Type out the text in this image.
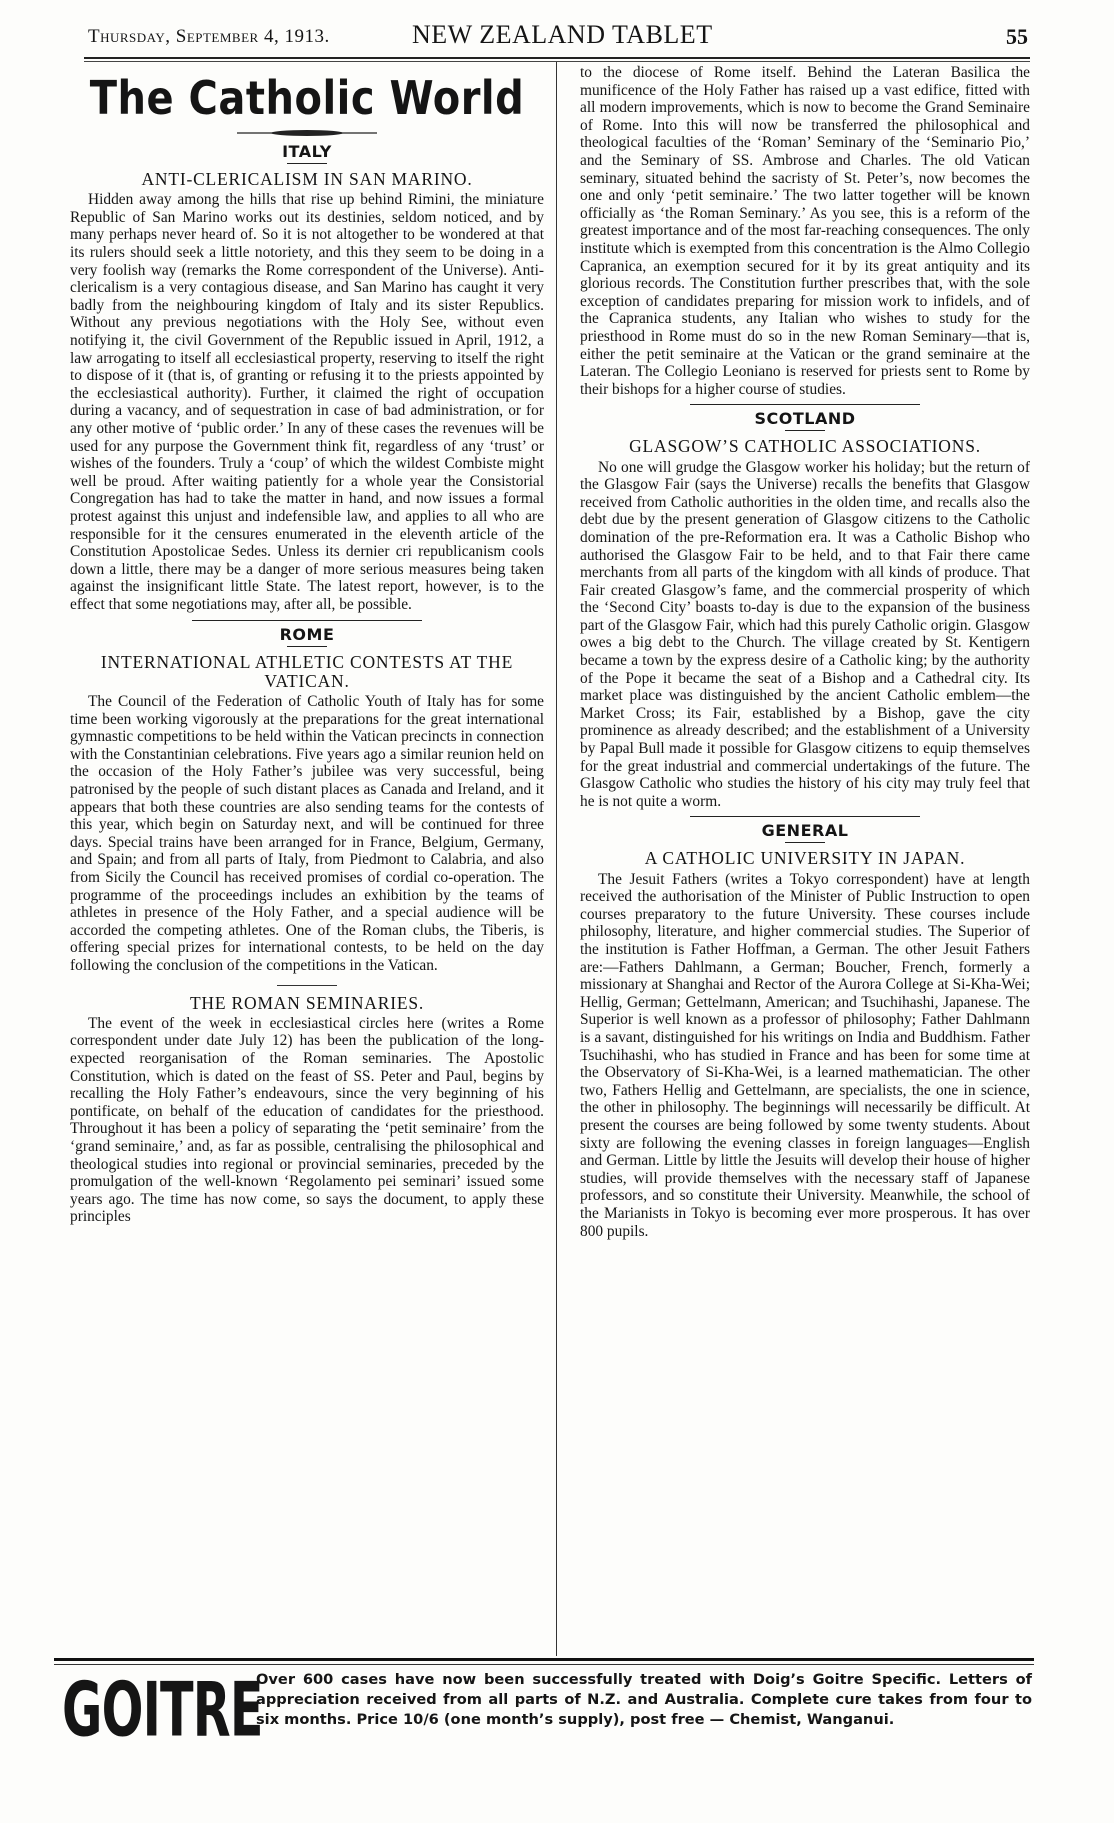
Thursday, September 4, 1913.	NEW ZEALAND TABLET	55
The Catholic World
ITALY
ANTI-CLERICALISM IN SAN MARINO.

Hidden away among the hills that rise up behind Rimini, the miniature Republic of San Marino works out its destinies, seldom noticed, and by many perhaps never heard of. So it is not altogether to be wondered at that its rulers should seek a little notoriety, and this they seem to be doing in a very foolish way (remarks the Rome correspondent of the Universe). Anti-clericalism is a very contagious disease, and San Marino has caught it very badly from the neighbouring kingdom of Italy and its sister Republics. Without any previous negotiations with the Holy See, without even notifying it, the civil Government of the Republic issued in April, 1912, a law arrogating to itself all ecclesiastical property, reserving to itself the right to dispose of it (that is, of granting or refusing it to the priests appointed by the ecclesiastical authority). Further, it claimed the right of occupation during a vacancy, and of sequestration in case of bad administration, or for any other motive of ‘public order.’ In any of these cases the revenues will be used for any purpose the Government think fit, regardless of any ‘trust’ or wishes of the founders. Truly a ‘coup’ of which the wildest Combiste might well be proud. After waiting patiently for a whole year the Consistorial Congregation has had to take the matter in hand, and now issues a formal protest against this unjust and indefensible law, and applies to all who are responsible for it the censures enumerated in the eleventh article of the Constitution Apostolicae Sedes. Unless its dernier cri republicanism cools down a little, there may be a danger of more serious measures being taken against the insignificant little State. The latest report, however, is to the effect that some negotiations may, after all, be possible.

ROME
INTERNATIONAL ATHLETIC CONTESTS AT THE VATICAN.

The Council of the Federation of Catholic Youth of Italy has for some time been working vigorously at the preparations for the great international gymnastic competitions to be held within the Vatican precincts in connection with the Constantinian celebrations. Five years ago a similar reunion held on the occasion of the Holy Father’s jubilee was very successful, being patronised by the people of such distant places as Canada and Ireland, and it appears that both these countries are also sending teams for the contests of this year, which begin on Saturday next, and will be continued for three days. Special trains have been arranged for in France, Belgium, Germany, and Spain; and from all parts of Italy, from Piedmont to Calabria, and also from Sicily the Council has received promises of cordial co-operation. The programme of the proceedings includes an exhibition by the teams of athletes in presence of the Holy Father, and a special audience will be accorded the competing athletes. One of the Roman clubs, the Tiberis, is offering special prizes for international contests, to be held on the day following the conclusion of the competitions in the Vatican.

THE ROMAN SEMINARIES.

The event of the week in ecclesiastical circles here (writes a Rome correspondent under date July 12) has been the publication of the long-expected reorganisation of the Roman seminaries. The Apostolic Constitution, which is dated on the feast of SS. Peter and Paul, begins by recalling the Holy Father’s endeavours, since the very beginning of his pontificate, on behalf of the education of candidates for the priesthood. Throughout it has been a policy of separating the ‘petit seminaire’ from the ‘grand seminaire,’ and, as far as possible, centralising the philosophical and theological studies into regional or provincial seminaries, preceded by the promulgation of the well-known ‘Regolamento pei seminari’ issued some years ago. The time has now come, so says the document, to apply these principles

to the diocese of Rome itself. Behind the Lateran Basilica the munificence of the Holy Father has raised up a vast edifice, fitted with all modern improvements, which is now to become the Grand Seminaire of Rome. Into this will now be transferred the philosophical and theological faculties of the ‘Roman’ Seminary of the ‘Seminario Pio,’ and the Seminary of SS. Ambrose and Charles. The old Vatican seminary, situated behind the sacristy of St. Peter’s, now becomes the one and only ‘petit seminaire.’ The two latter together will be known officially as ‘the Roman Seminary.’ As you see, this is a reform of the greatest importance and of the most far-reaching consequences. The only institute which is exempted from this concentration is the Almo Collegio Capranica, an exemption secured for it by its great antiquity and its glorious records. The Constitution further prescribes that, with the sole exception of candidates preparing for mission work to infidels, and of the Capranica students, any Italian who wishes to study for the priesthood in Rome must do so in the new Roman Seminary—that is, either the petit seminaire at the Vatican or the grand seminaire at the Lateran. The Collegio Leoniano is reserved for priests sent to Rome by their bishops for a higher course of studies.

SCOTLAND
GLASGOW’S CATHOLIC ASSOCIATIONS.

No one will grudge the Glasgow worker his holiday; but the return of the Glasgow Fair (says the Universe) recalls the benefits that Glasgow received from Catholic authorities in the olden time, and recalls also the debt due by the present generation of Glasgow citizens to the Catholic domination of the pre-Reformation era. It was a Catholic Bishop who authorised the Glasgow Fair to be held, and to that Fair there came merchants from all parts of the kingdom with all kinds of produce. That Fair created Glasgow’s fame, and the commercial prosperity of which the ‘Second City’ boasts to-day is due to the expansion of the business part of the Glasgow Fair, which had this purely Catholic origin. Glasgow owes a big debt to the Church. The village created by St. Kentigern became a town by the express desire of a Catholic king; by the authority of the Pope it became the seat of a Bishop and a Cathedral city. Its market place was distinguished by the ancient Catholic emblem—the Market Cross; its Fair, established by a Bishop, gave the city prominence as already described; and the establishment of a University by Papal Bull made it possible for Glasgow citizens to equip themselves for the great industrial and commercial undertakings of the future. The Glasgow Catholic who studies the history of his city may truly feel that he is not quite a worm.

GENERAL
A CATHOLIC UNIVERSITY IN JAPAN.

The Jesuit Fathers (writes a Tokyo correspondent) have at length received the authorisation of the Minister of Public Instruction to open courses preparatory to the future University. These courses include philosophy, literature, and higher commercial studies. The Superior of the institution is Father Hoffman, a German. The other Jesuit Fathers are:—Fathers Dahlmann, a German; Boucher, French, formerly a missionary at Shanghai and Rector of the Aurora College at Si-Kha-Wei; Hellig, German; Gettelmann, American; and Tsuchihashi, Japanese. The Superior is well known as a professor of philosophy; Father Dahlmann is a savant, distinguished for his writings on India and Buddhism. Father Tsuchihashi, who has studied in France and has been for some time at the Observatory of Si-Kha-Wei, is a learned mathematician. The other two, Fathers Hellig and Gettelmann, are specialists, the one in science, the other in philosophy. The beginnings will necessarily be difficult. At present the courses are being followed by some twenty students. About sixty are following the evening classes in foreign languages—English and German. Little by little the Jesuits will develop their house of higher studies, will provide themselves with the necessary staff of Japanese professors, and so constitute their University. Meanwhile, the school of the Marianists in Tokyo is becoming ever more prosperous. It has over 800 pupils.

GOITRE
Over 600 cases have now been successfully treated with Doig’s Goitre Specific. Letters of appreciation received from all parts of N.Z. and Australia. Complete cure takes from four to six months. Price 10/6 (one month’s supply), post free — Chemist, Wanganui.
